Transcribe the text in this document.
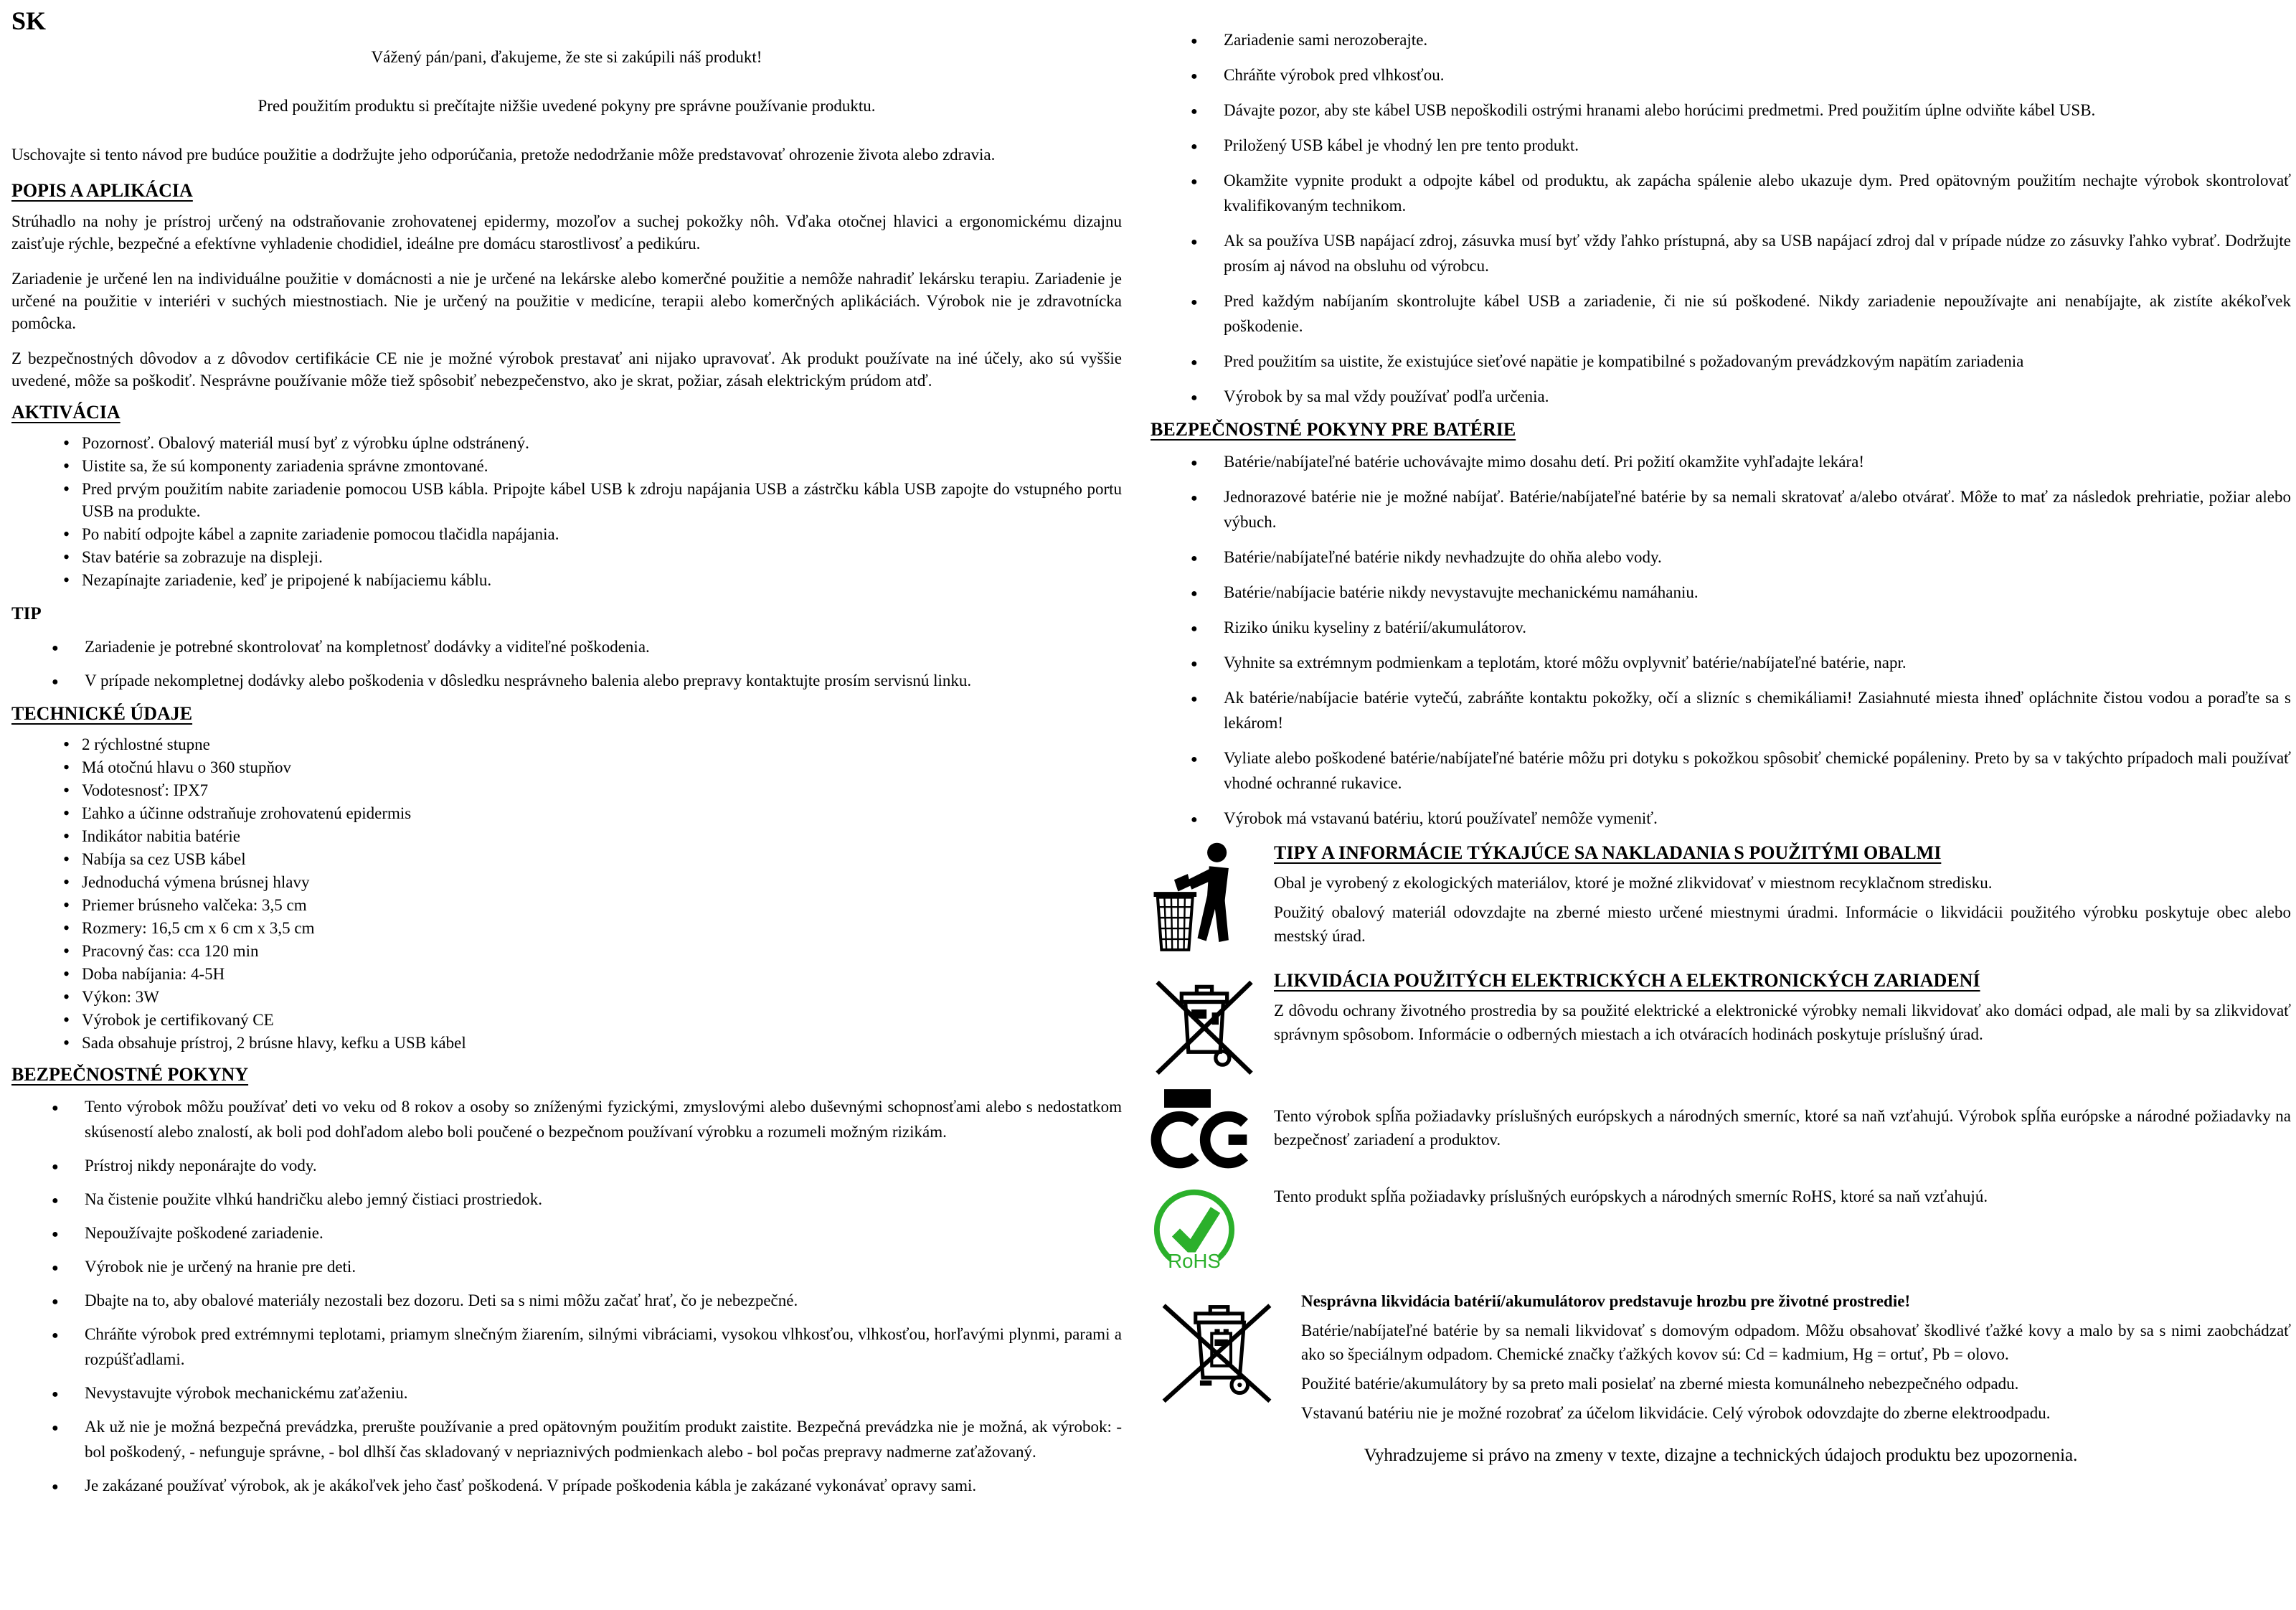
SK

Vážený pán/pani, ďakujeme, že ste si zakúpili náš produkt!

Pred použitím produktu si prečítajte nižšie uvedené pokyny pre správne používanie produktu.

Uschovajte si tento návod pre budúce použitie a dodržujte jeho odporúčania, pretože nedodržanie môže predstavovať ohrozenie života alebo zdravia.

POPIS A APLIKÁCIA

Strúhadlo na nohy je prístroj určený na odstraňovanie zrohovatenej epidermy, mozoľov a suchej pokožky nôh. Vďaka otočnej hlavici a ergonomickému dizajnu zaisťuje rýchle, bezpečné a efektívne vyhladenie chodidiel, ideálne pre domácu starostlivosť a pedikúru.

Zariadenie je určené len na individuálne použitie v domácnosti a nie je určené na lekárske alebo komerčné použitie a nemôže nahradiť lekársku terapiu. Zariadenie je určené na použitie v interiéri v suchých miestnostiach. Nie je určený na použitie v medicíne, terapii alebo komerčných aplikáciách. Výrobok nie je zdravotnícka pomôcka.

Z bezpečnostných dôvodov a z dôvodov certifikácie CE nie je možné výrobok prestavať ani nijako upravovať. Ak produkt používate na iné účely, ako sú vyššie uvedené, môže sa poškodiť. Nesprávne používanie môže tiež spôsobiť nebezpečenstvo, ako je skrat, požiar, zásah elektrickým prúdom atď.

AKTIVÁCIA
• Pozornosť. Obalový materiál musí byť z výrobku úplne odstránený.
• Uistite sa, že sú komponenty zariadenia správne zmontované.
• Pred prvým použitím nabite zariadenie pomocou USB kábla. Pripojte kábel USB k zdroju napájania USB a zástrčku kábla USB zapojte do vstupného portu USB na produkte.
• Po nabití odpojte kábel a zapnite zariadenie pomocou tlačidla napájania.
• Stav batérie sa zobrazuje na displeji.
• Nezapínajte zariadenie, keď je pripojené k nabíjaciemu káblu.
TIP
● Zariadenie je potrebné skontrolovať na kompletnosť dodávky a viditeľné poškodenia.
● V prípade nekompletnej dodávky alebo poškodenia v dôsledku nesprávneho balenia alebo prepravy kontaktujte prosím servisnú linku.
TECHNICKÉ ÚDAJE
• 2 rýchlostné stupne
• Má otočnú hlavu o 360 stupňov
• Vodotesnosť: IPX7
• Ľahko a účinne odstraňuje zrohovatenú epidermis
• Indikátor nabitia batérie
• Nabíja sa cez USB kábel
• Jednoduchá výmena brúsnej hlavy
• Priemer brúsneho valčeka: 3,5 cm
• Rozmery: 16,5 cm x 6 cm x 3,5 cm
• Pracovný čas: cca 120 min
• Doba nabíjania: 4-5H
• Výkon: 3W
• Výrobok je certifikovaný CE
• Sada obsahuje prístroj, 2 brúsne hlavy, kefku a USB kábel
BEZPEČNOSTNÉ POKYNY
● Tento výrobok môžu používať deti vo veku od 8 rokov a osoby so zníženými fyzickými, zmyslovými alebo duševnými schopnosťami alebo s nedostatkom skúseností alebo znalostí, ak boli pod dohľadom alebo boli poučené o bezpečnom používaní výrobku a rozumeli možným rizikám.
● Prístroj nikdy neponárajte do vody.
● Na čistenie použite vlhkú handričku alebo jemný čistiaci prostriedok.
● Nepoužívajte poškodené zariadenie.
● Výrobok nie je určený na hranie pre deti.
● Dbajte na to, aby obalové materiály nezostali bez dozoru. Deti sa s nimi môžu začať hrať, čo je nebezpečné.
● Chráňte výrobok pred extrémnymi teplotami, priamym slnečným žiarením, silnými vibráciami, vysokou vlhkosťou, vlhkosťou, horľavými plynmi, parami a rozpúšťadlami.
● Nevystavujte výrobok mechanickému zaťaženiu.
● Ak už nie je možná bezpečná prevádzka, prerušte používanie a pred opätovným použitím produkt zaistite. Bezpečná prevádzka nie je možná, ak výrobok: - bol poškodený, - nefunguje správne, - bol dlhší čas skladovaný v nepriaznivých podmienkach alebo - bol počas prepravy nadmerne zaťažovaný.
● Je zakázané používať výrobok, ak je akákoľvek jeho časť poškodená. V prípade poškodenia kábla je zakázané vykonávať opravy sami.
● Zariadenie sami nerozoberajte.
● Chráňte výrobok pred vlhkosťou.
● Dávajte pozor, aby ste kábel USB nepoškodili ostrými hranami alebo horúcimi predmetmi. Pred použitím úplne odviňte kábel USB.
● Priložený USB kábel je vhodný len pre tento produkt.
● Okamžite vypnite produkt a odpojte kábel od produktu, ak zapácha spálenie alebo ukazuje dym. Pred opätovným použitím nechajte výrobok skontrolovať kvalifikovaným technikom.
● Ak sa používa USB napájací zdroj, zásuvka musí byť vždy ľahko prístupná, aby sa USB napájací zdroj dal v prípade núdze zo zásuvky ľahko vybrať. Dodržujte prosím aj návod na obsluhu od výrobcu.
● Pred každým nabíjaním skontrolujte kábel USB a zariadenie, či nie sú poškodené. Nikdy zariadenie nepoužívajte ani nenabíjajte, ak zistíte akékoľvek poškodenie.
● Pred použitím sa uistite, že existujúce sieťové napätie je kompatibilné s požadovaným prevádzkovým napätím zariadenia
● Výrobok by sa mal vždy používať podľa určenia.
BEZPEČNOSTNÉ POKYNY PRE BATÉRIE
● Batérie/nabíjateľné batérie uchovávajte mimo dosahu detí. Pri požití okamžite vyhľadajte lekára!
● Jednorazové batérie nie je možné nabíjať. Batérie/nabíjateľné batérie by sa nemali skratovať a/alebo otvárať. Môže to mať za následok prehriatie, požiar alebo výbuch.
● Batérie/nabíjateľné batérie nikdy nevhadzujte do ohňa alebo vody.
● Batérie/nabíjacie batérie nikdy nevystavujte mechanickému namáhaniu.
● Riziko úniku kyseliny z batérií/akumulátorov.
● Vyhnite sa extrémnym podmienkam a teplotám, ktoré môžu ovplyvniť batérie/nabíjateľné batérie, napr.
● Ak batérie/nabíjacie batérie vytečú, zabráňte kontaktu pokožky, očí a slizníc s chemikáliami! Zasiahnuté miesta ihneď opláchnite čistou vodou a poraďte sa s lekárom!
● Vyliate alebo poškodené batérie/nabíjateľné batérie môžu pri dotyku s pokožkou spôsobiť chemické popáleniny. Preto by sa v takýchto prípadoch mali používať vhodné ochranné rukavice.
● Výrobok má vstavanú batériu, ktorú používateľ nemôže vymeniť.
TIPY A INFORMÁCIE TÝKAJÚCE SA NAKLADANIA S POUŽITÝMI OBALMI

Obal je vyrobený z ekologických materiálov, ktoré je možné zlikvidovať v miestnom recyklačnom stredisku.

Použitý obalový materiál odovzdajte na zberné miesto určené miestnymi úradmi. Informácie o likvidácii použitého výrobku poskytuje obec alebo mestský úrad.

LIKVIDÁCIA POUŽITÝCH ELEKTRICKÝCH A ELEKTRONICKÝCH ZARIADENÍ

Z dôvodu ochrany životného prostredia by sa použité elektrické a elektronické výrobky nemali likvidovať ako domáci odpad, ale mali by sa zlikvidovať správnym spôsobom. Informácie o odberných miestach a ich otváracích hodinách poskytuje príslušný úrad.

Tento výrobok spĺňa požiadavky príslušných európskych a národných smerníc, ktoré sa naň vzťahujú. Výrobok spĺňa európske a národné požiadavky na bezpečnosť zariadení a produktov.

RoHS

Tento produkt spĺňa požiadavky príslušných európskych a národných smerníc RoHS, ktoré sa naň vzťahujú.

Nesprávna likvidácia batérií/akumulátorov predstavuje hrozbu pre životné prostredie!

Batérie/nabíjateľné batérie by sa nemali likvidovať s domovým odpadom. Môžu obsahovať škodlivé ťažké kovy a malo by sa s nimi zaobchádzať ako so špeciálnym odpadom. Chemické značky ťažkých kovov sú: Cd = kadmium, Hg = ortuť, Pb = olovo.

Použité batérie/akumulátory by sa preto mali posielať na zberné miesta komunálneho nebezpečného odpadu.

Vstavanú batériu nie je možné rozobrať za účelom likvidácie. Celý výrobok odovzdajte do zberne elektroodpadu.

Vyhradzujeme si právo na zmeny v texte, dizajne a technických údajoch produktu bez upozornenia.
